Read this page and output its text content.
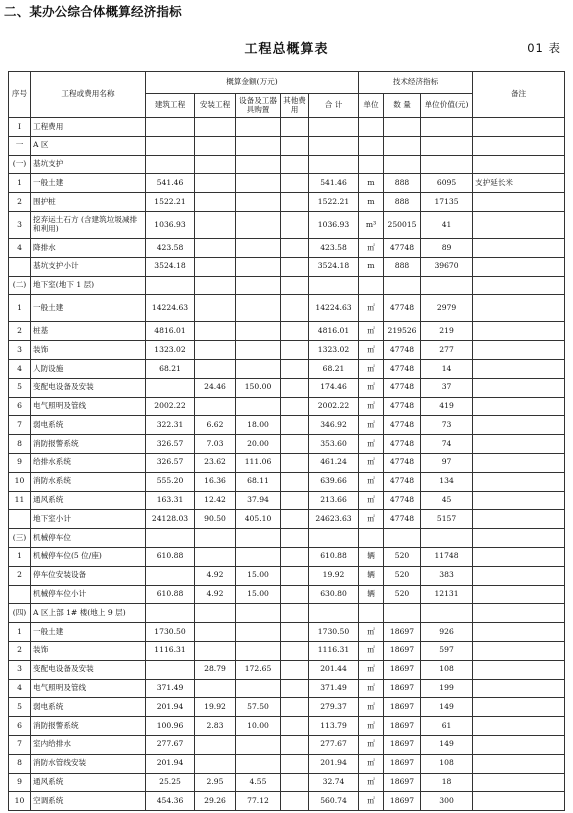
二、某办公综合体概算经济指标
工程总概算表	01 表
序号	工程或费用名称	概算金额(万元)					技术经济指标			备注
		建筑工程	安装工程	设备及工器具购置	其他费用	合 计	单位	数 量	单位价值(元)	
Ⅰ	工程费用									
一	A 区									
(一)	基坑支护									
1	一般土建	541.46				541.46	m	888	6095	支护延长米
2	围护桩	1522.21				1522.21	m	888	17135	
3	挖弃运土石方 (含建筑垃圾减排和利用)	1036.93				1036.93	m³	250015	41	
4	降排水	423.58				423.58	㎡	47748	89	
	基坑支护小计	3524.18				3524.18	m	888	39670	
(二)	地下室(地下 1 层)									
1	一般土建	14224.63				14224.63	㎡	47748	2979	
2	桩基	4816.01				4816.01	㎡	219526	219	
3	装饰	1323.02				1323.02	㎡	47748	277	
4	人防设施	68.21				68.21	㎡	47748	14	
5	变配电设备及安装		24.46	150.00		174.46	㎡	47748	37	
6	电气照明及管线	2002.22				2002.22	㎡	47748	419	
7	弱电系统	322.31	6.62	18.00		346.92	㎡	47748	73	
8	消防报警系统	326.57	7.03	20.00		353.60	㎡	47748	74	
9	给排水系统	326.57	23.62	111.06		461.24	㎡	47748	97	
10	消防水系统	555.20	16.36	68.11		639.66	㎡	47748	134	
11	通风系统	163.31	12.42	37.94		213.66	㎡	47748	45	
	地下室小计	24128.03	90.50	405.10		24623.63	㎡	47748	5157	
(三)	机械停车位									
1	机械停车位(5 位/座)	610.88				610.88	辆	520	11748	
2	停车位安装设备		4.92	15.00		19.92	辆	520	383	
	机械停车位小计	610.88	4.92	15.00		630.80	辆	520	12131	
(四)	A 区上部 1# 楼(地上 9 层)									
1	一般土建	1730.50				1730.50	㎡	18697	926	
2	装饰	1116.31				1116.31	㎡	18697	597	
3	变配电设备及安装		28.79	172.65		201.44	㎡	18697	108	
4	电气照明及管线	371.49				371.49	㎡	18697	199	
5	弱电系统	201.94	19.92	57.50		279.37	㎡	18697	149	
6	消防报警系统	100.96	2.83	10.00		113.79	㎡	18697	61	
7	室内给排水	277.67				277.67	㎡	18697	149	
8	消防水管线安装	201.94				201.94	㎡	18697	108	
9	通风系统	25.25	2.95	4.55		32.74	㎡	18697	18	
10	空调系统	454.36	29.26	77.12		560.74	㎡	18697	300	
